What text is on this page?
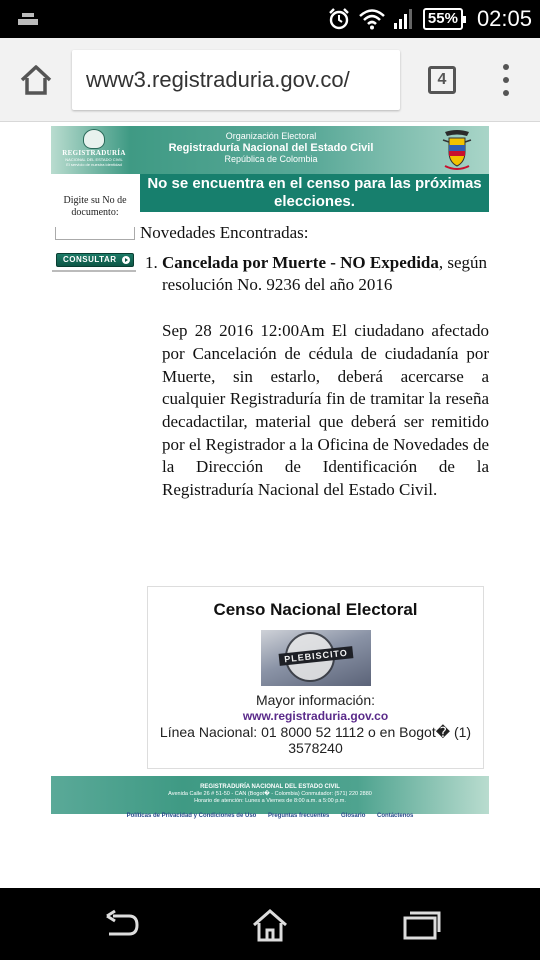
55% 02:05
www3.registraduria.gov.co/	4
REGISTRADURÍA
NACIONAL DEL ESTADO CIVIL
El servicio de nuestra identidad
Organización Electoral
Registraduría Nacional del Estado Civil
República de Colombia
Digite su No de documento:
CONSULTAR
No se encuentra en el censo para las próximas elecciones.
Novedades Encontradas:
1. Cancelada por Muerte - NO Expedida, según resolución No. 9236 del año 2016
Sep 28 2016 12:00Am El ciudadano afectado por Cancelación de cédula de ciudadanía por Muerte, sin estarlo, deberá acercarse a cualquier Registraduría fin de tramitar la reseña decadactilar, material que deberá ser remitido por el Registrador a la Oficina de Novedades de la Dirección de Identificación de la Registraduría Nacional del Estado Civil.
Censo Nacional Electoral
PLEBISCITO
Mayor información:
www.registraduria.gov.co
Línea Nacional: 01 8000 52 1112 o en Bogot� (1) 3578240
REGISTRADURÍA NACIONAL DEL ESTADO CIVIL
Avenida Calle 26 # 51-50 - CAN (Bogot� - Colombia) Conmutador: (571) 220 2880
Horario de atención: Lunes a Viernes de 8:00 a.m. a 5:00 p.m.
Políticas de Privacidad y Condiciones de Uso Preguntas frecuentes Glosario Contáctenos
